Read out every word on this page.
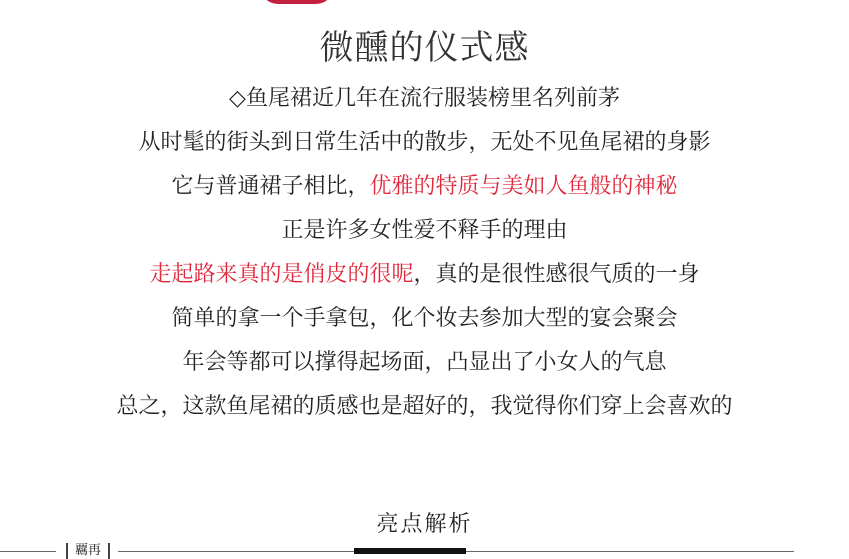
微醺的仪式感
◇鱼尾裙近几年在流行服装榜里名列前茅
从时髦的街头到日常生活中的散步，无处不见鱼尾裙的身影
它与普通裙子相比，优雅的特质与美如人鱼般的神秘
正是许多女性爱不释手的理由
走起路来真的是俏皮的很呢，真的是很性感很气质的一身
简单的拿一个手拿包，化个妆去参加大型的宴会聚会
年会等都可以撑得起场面，凸显出了小女人的气息
总之，这款鱼尾裙的质感也是超好的，我觉得你们穿上会喜欢的
覊再
亮点解析
